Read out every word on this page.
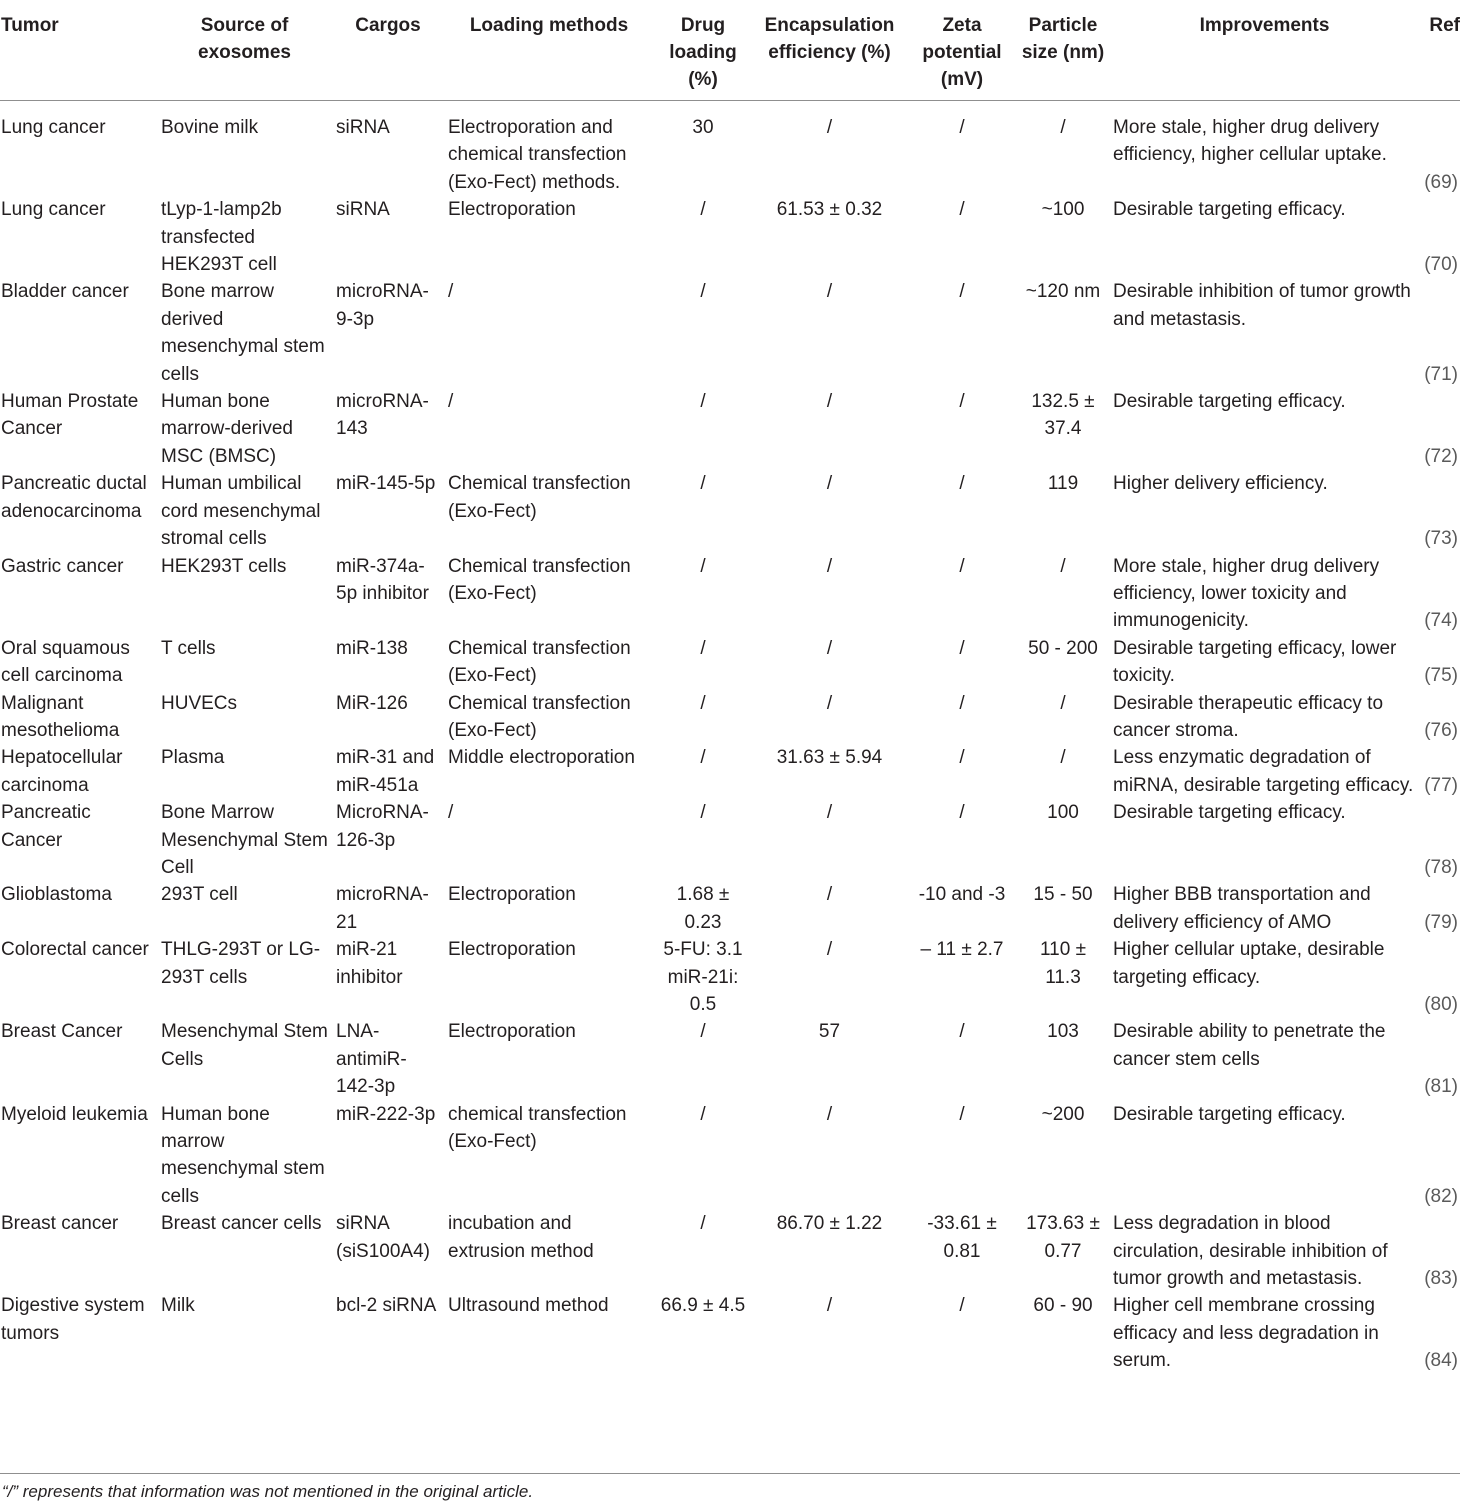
Tumor	Source of exosomes	Cargos	Loading methods	Drug loading (%)	Encapsulation efficiency (%)	Zeta potential (mV)	Particle size (nm)	Improvements	Ref
Lung cancer	Bovine milk	siRNA	Electroporation and chemical transfection (Exo-Fect) methods.	30	/	/	/	More stale, higher drug delivery efficiency, higher cellular uptake.	(69)
Lung cancer	tLyp-1-lamp2b transfected HEK293T cell	siRNA	Electroporation	/	61.53 ± 0.32	/	~100	Desirable targeting efficacy.	(70)
Bladder cancer	Bone marrow derived mesenchymal stem cells	microRNA-9-3p	/	/	/	/	~120 nm	Desirable inhibition of tumor growth and metastasis.	(71)
Human Prostate Cancer	Human bone marrow-derived MSC (BMSC)	microRNA-143	/	/	/	/	132.5 ± 37.4	Desirable targeting efficacy.	(72)
Pancreatic ductal adenocarcinoma	Human umbilical cord mesenchymal stromal cells	miR-145-5p	Chemical transfection (Exo-Fect)	/	/	/	119	Higher delivery efficiency.	(73)
Gastric cancer	HEK293T cells	miR-374a-5p inhibitor	Chemical transfection (Exo-Fect)	/	/	/	/	More stale, higher drug delivery efficiency, lower toxicity and immunogenicity.	(74)
Oral squamous cell carcinoma	T cells	miR-138	Chemical transfection (Exo-Fect)	/	/	/	50 - 200	Desirable targeting efficacy, lower toxicity.	(75)
Malignant mesothelioma	HUVECs	MiR-126	Chemical transfection (Exo-Fect)	/	/	/	/	Desirable therapeutic efficacy to cancer stroma.	(76)
Hepatocellular carcinoma	Plasma	miR-31 and miR-451a	Middle electroporation	/	31.63 ± 5.94	/	/	Less enzymatic degradation of miRNA, desirable targeting efficacy.	(77)
Pancreatic Cancer	Bone Marrow Mesenchymal Stem Cell	MicroRNA-126-3p	/	/	/	/	100	Desirable targeting efficacy.	(78)
Glioblastoma	293T cell	microRNA-21	Electroporation	1.68 ± 0.23	/	-10 and -3	15 - 50	Higher BBB transportation and delivery efficiency of AMO	(79)
Colorectal cancer	THLG-293T or LG-293T cells	miR-21 inhibitor	Electroporation	5-FU: 3.1 miR-21i: 0.5	/	– 11 ± 2.7	110 ± 11.3	Higher cellular uptake, desirable targeting efficacy.	(80)
Breast Cancer	Mesenchymal Stem Cells	LNA-antimiR-142-3p	Electroporation	/	57	/	103	Desirable ability to penetrate the cancer stem cells	(81)
Myeloid leukemia	Human bone marrow mesenchymal stem cells	miR-222-3p	chemical transfection (Exo-Fect)	/	/	/	~200	Desirable targeting efficacy.	(82)
Breast cancer	Breast cancer cells	siRNA (siS100A4)	incubation and extrusion method	/	86.70 ± 1.22	-33.61 ± 0.81	173.63 ± 0.77	Less degradation in blood circulation, desirable inhibition of tumor growth and metastasis.	(83)
Digestive system tumors	Milk	bcl-2 siRNA	Ultrasound method	66.9 ± 4.5	/	/	60 - 90	Higher cell membrane crossing efficacy and less degradation in serum.	(84)
“/” represents that information was not mentioned in the original article.
